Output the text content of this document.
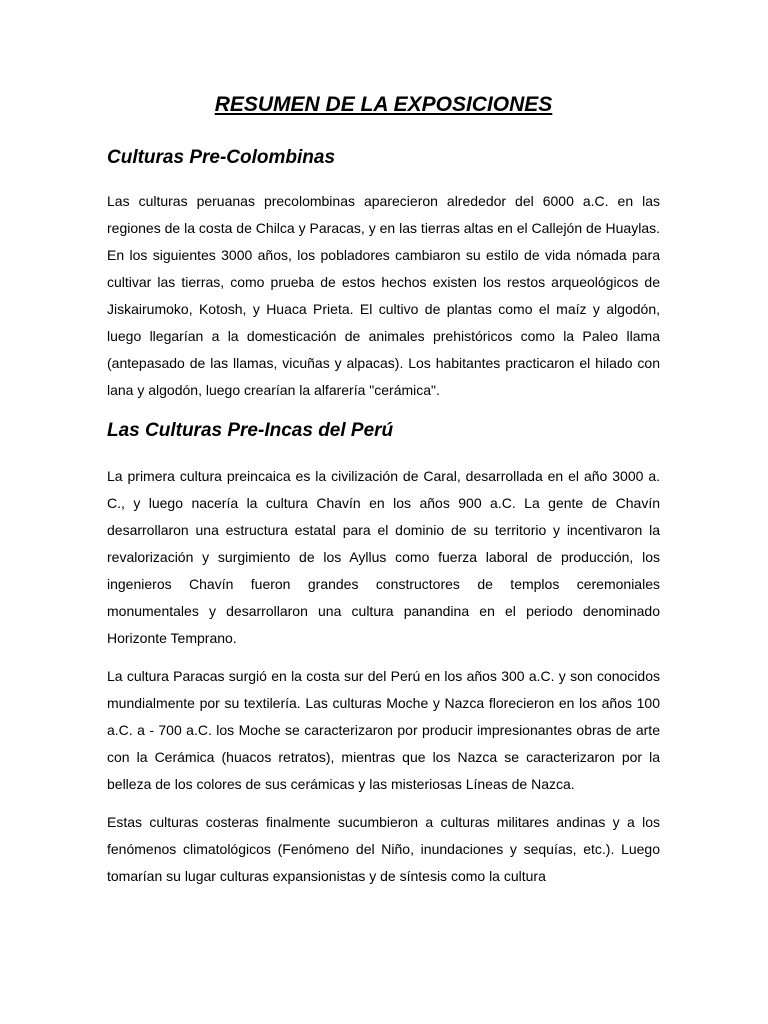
RESUMEN DE LA EXPOSICIONES
Culturas Pre-Colombinas

Las culturas peruanas precolombinas aparecieron alrededor del 6000 a.C. en las regiones de la costa de Chilca y Paracas, y en las tierras altas en el Callejón de Huaylas. En los siguientes 3000 años, los pobladores cambiaron su estilo de vida nómada para cultivar las tierras, como prueba de estos hechos existen los restos arqueológicos de Jiskairumoko, Kotosh, y Huaca Prieta. El cultivo de plantas como el maíz y algodón, luego llegarían a la domesticación de animales prehistóricos como la Paleo llama (antepasado de las llamas, vicuñas y alpacas). Los habitantes practicaron el hilado con lana y algodón, luego crearían la alfarería "cerámica".

Las Culturas Pre-Incas del Perú

La primera cultura preincaica es la civilización de Caral, desarrollada en el año 3000 a. C., y luego nacería la cultura Chavín en los años 900 a.C. La gente de Chavín desarrollaron una estructura estatal para el dominio de su territorio y incentivaron la revalorización y surgimiento de los Ayllus como fuerza laboral de producción, los ingenieros Chavín fueron grandes constructores de templos ceremoniales monumentales y desarrollaron una cultura panandina en el periodo denominado Horizonte Temprano.

La cultura Paracas surgió en la costa sur del Perú en los años 300 a.C. y son conocidos mundialmente por su textilería. Las culturas Moche y Nazca florecieron en los años 100 a.C. a - 700 a.C. los Moche se caracterizaron por producir impresionantes obras de arte con la Cerámica (huacos retratos), mientras que los Nazca se caracterizaron por la belleza de los colores de sus cerámicas y las misteriosas Líneas de Nazca.

Estas culturas costeras finalmente sucumbieron a culturas militares andinas y a los fenómenos climatológicos (Fenómeno del Niño, inundaciones y sequías, etc.). Luego tomarían su lugar culturas expansionistas y de síntesis como la cultura
